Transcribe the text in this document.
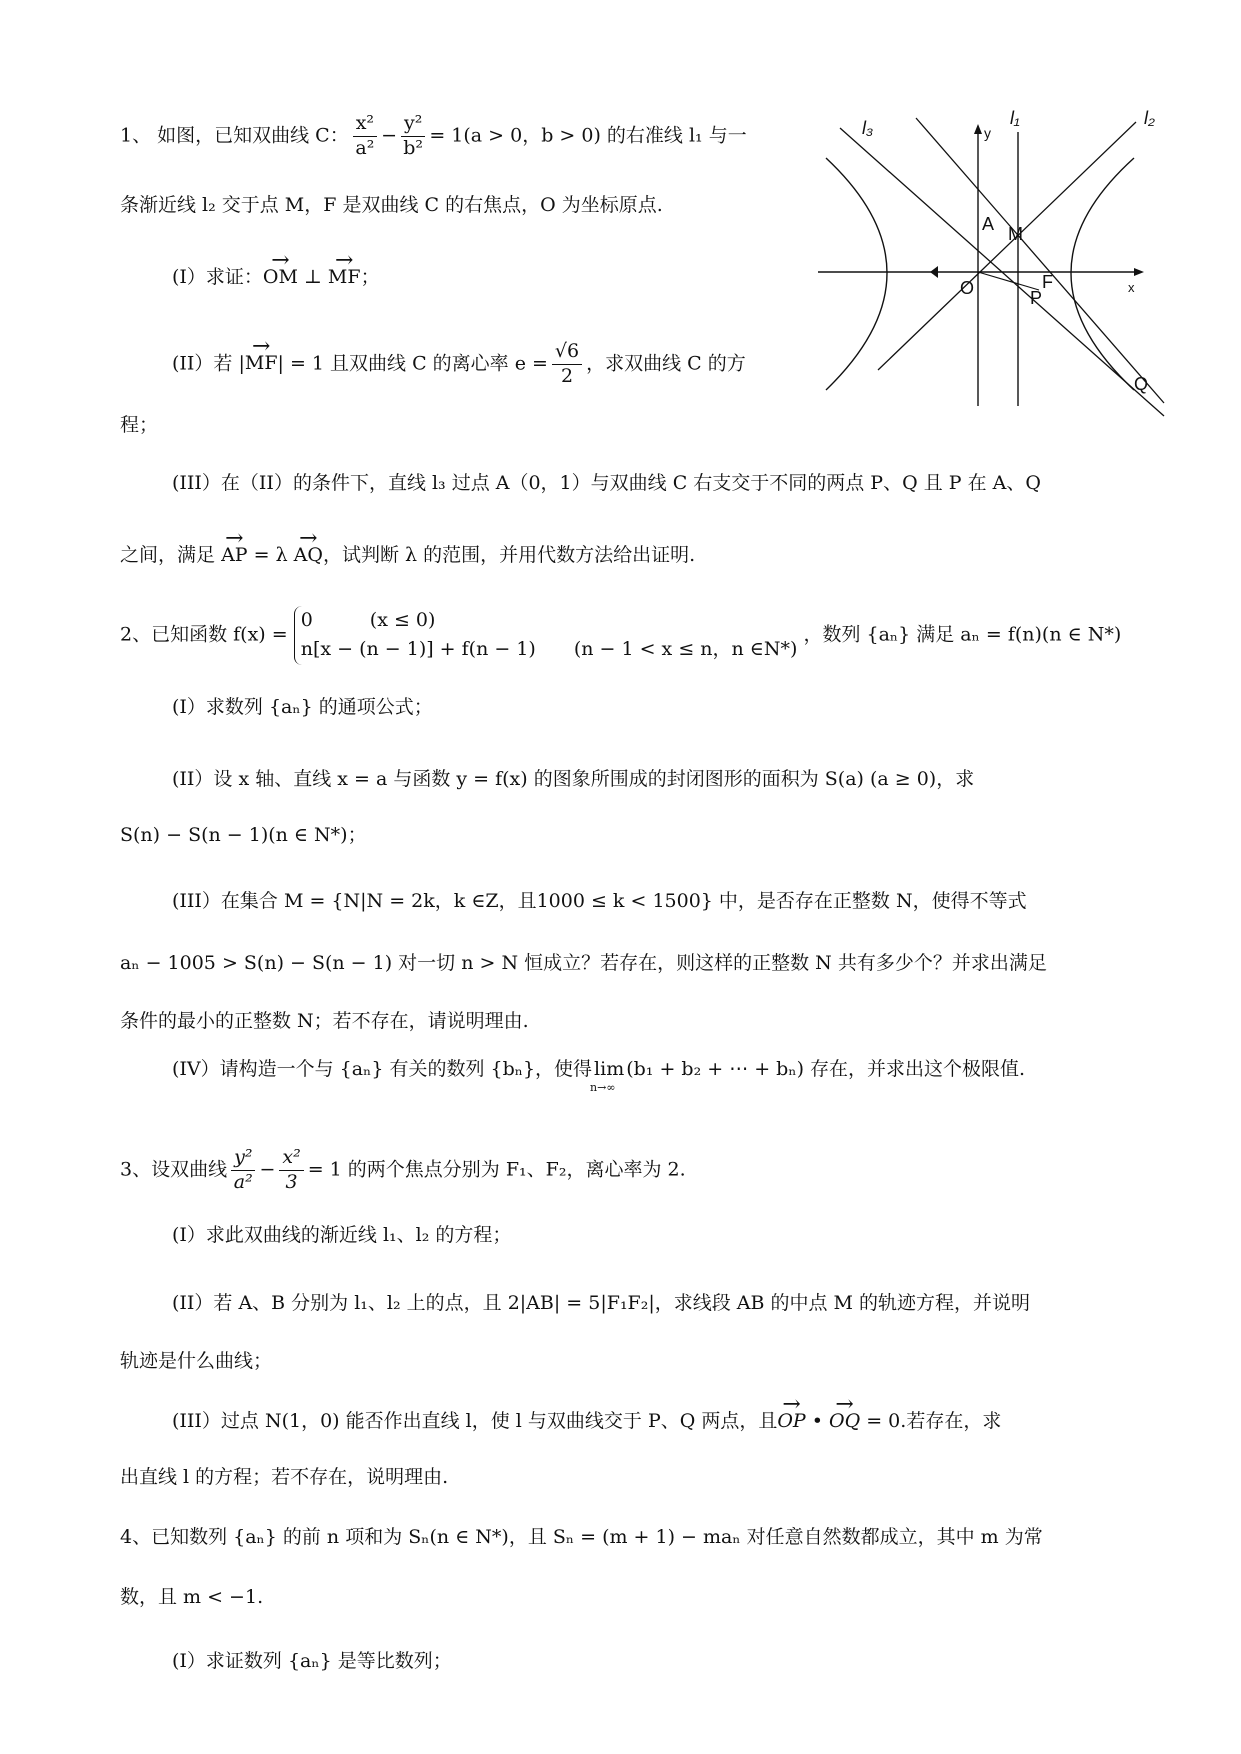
1、 如图，已知双曲线 C： $\frac{\text{x²}}{\text{a²}} - \frac{\text{y²}}{\text{b²}} = 1(a > 0$，b > 0) 的右准线 l₁ 与一
条渐近线 l₂ 交于点 M，F 是双曲线 C 的右焦点，O 为坐标原点.
(I）求证：→ OM ⊥ → MF；
(II）若 |→ MF| = 1 且双曲线 C 的离心率 $e = \frac{√6}{2}$ ，求双曲线 C 的方
程；
(III）在（II）的条件下，直线 l₃ 过点 A（0，1）与双曲线 C 右支交于不同的两点 P、Q 且 P 在 A、Q
之间，满足 → AP = λ → AQ，试判断 λ 的范围，并用代数方法给出证明.
l₃	y
l₁	l₂
A M
O	F
P
Q
x
2、已知函数 f(x) =
0　　　(x ≤ 0)
n[x − (n − 1)] + f(n − 1)　　(n − 1 < x ≤ n，n ∈N*)
，数列 {aₙ} 满足 aₙ = f(n)(n ∈ N*)
(I）求数列 {aₙ} 的通项公式；
(II）设 x 轴、直线 x = a 与函数 y = f(x) 的图象所围成的封闭图形的面积为 S(a) (a ≥ 0)，求
S(n) − S(n − 1)(n ∈ N*)；
(III）在集合 M = {N|N = 2k，k ∈Z，且1000 ≤ k < 1500} 中，是否存在正整数 N，使得不等式
aₙ − 1005 > S(n) − S(n − 1) 对一切 n > N 恒成立？若存在，则这样的正整数 N 共有多少个？并求出满足
条件的最小的正整数 N；若不存在，请说明理由.
(IV）请构造一个与 {aₙ} 有关的数列 {bₙ}，使得 lim
n→∞
(b₁ + b₂ + ⋯ + bₙ) 存在，并求出这个极限值.
3、设双曲线 $\frac{\text{y²}}{\text{a²}} - \frac{\text{x²}}{3} = 1$ 的两个焦点分别为 F₁、F₂，离心率为 2.
(I）求此双曲线的渐近线 l₁、l₂ 的方程；
(II）若 A、B 分别为 l₁、l₂ 上的点，且 2|AB| = 5|F₁F₂|，求线段 AB 的中点 M 的轨迹方程，并说明
轨迹是什么曲线；
(III）过点 N(1，0) 能否作出直线 l，使 l 与双曲线交于 P、Q 两点，且→ OP • → OQ = 0.若存在，求
出直线 l 的方程；若不存在，说明理由.
4、已知数列 {aₙ} 的前 n 项和为 Sₙ(n ∈ N*)，且 Sₙ = (m + 1) − maₙ 对任意自然数都成立，其中 m 为常
数，且 m < −1.
(I）求证数列 {aₙ} 是等比数列；
